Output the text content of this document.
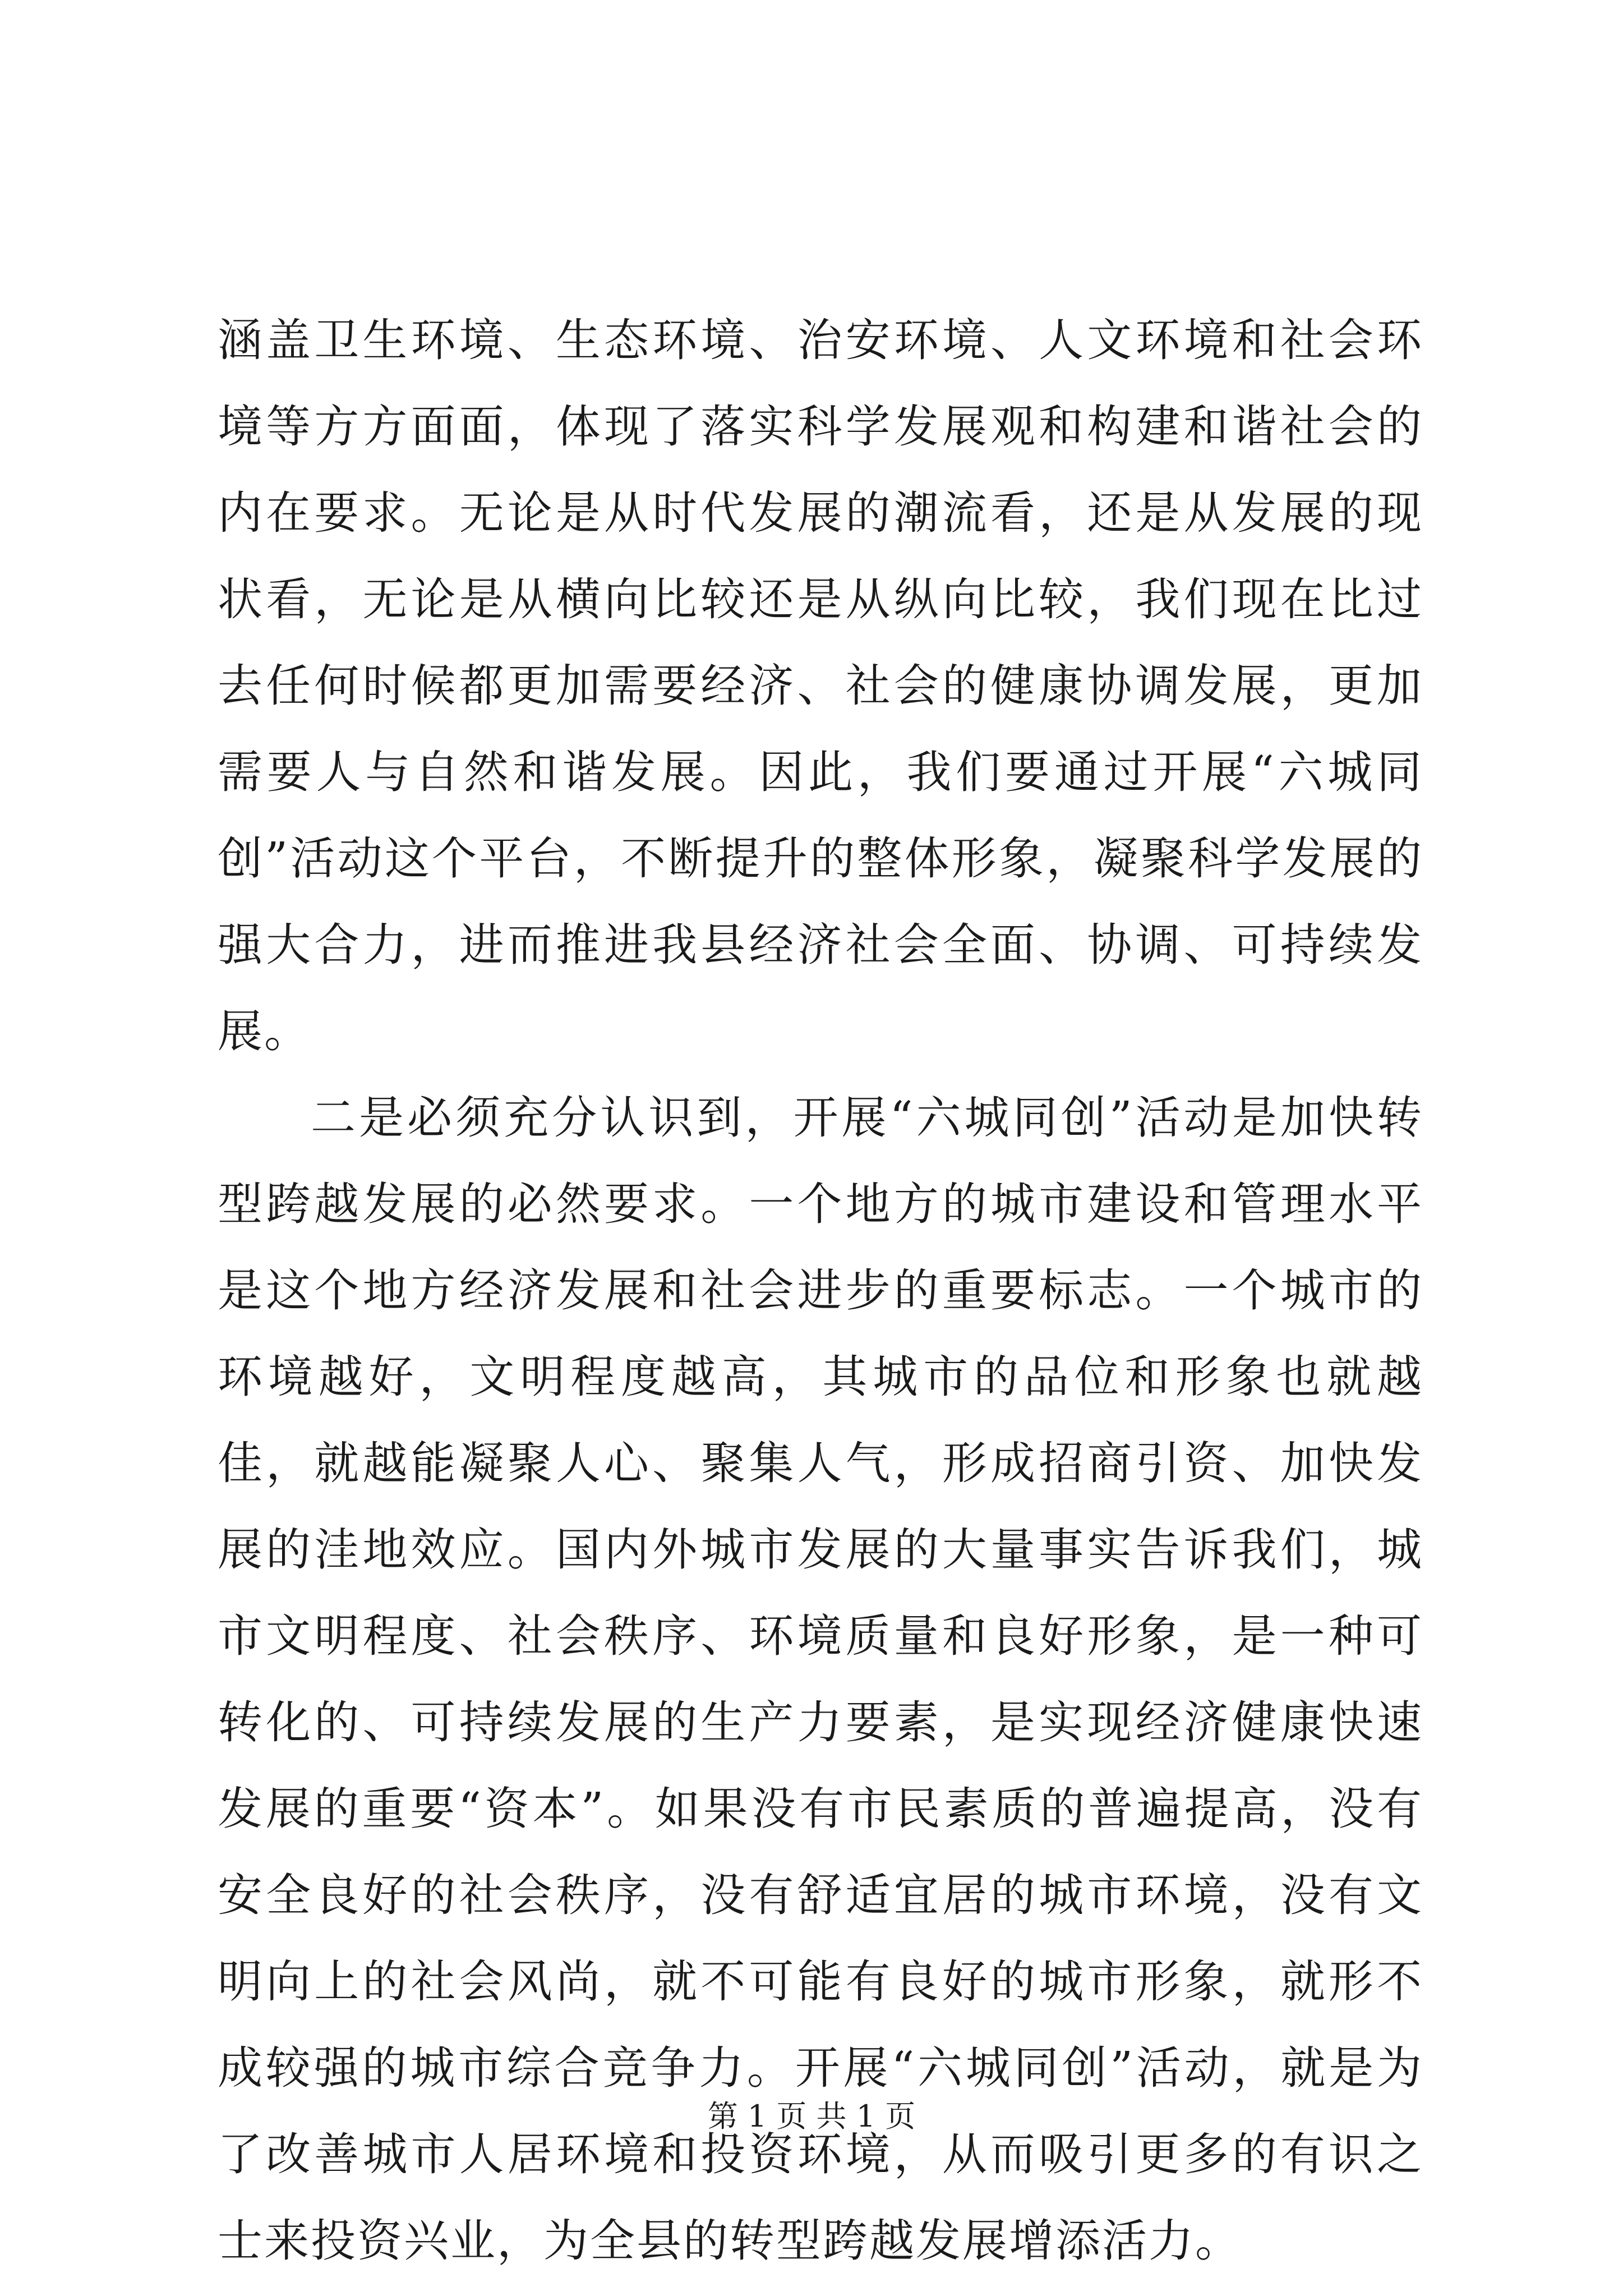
涵盖卫生环境、生态环境、治安环境、人文环境和社会环境等方方面面，体现了落实科学发展观和构建和谐社会的内在要求。无论是从时代发展的潮流看，还是从发展的现状看，无论是从横向比较还是从纵向比较，我们现在比过去任何时候都更加需要经济、社会的健康协调发展，更加需要人与自然和谐发展。因此，我们要通过开展“六城同创”活动这个平台，不断提升的整体形象，凝聚科学发展的强大合力，进而推进我县经济社会全面、协调、可持续发展。

二是必须充分认识到，开展“六城同创”活动是加快转型跨越发展的必然要求。一个地方的城市建设和管理水平是这个地方经济发展和社会进步的重要标志。一个城市的环境越好，文明程度越高，其城市的品位和形象也就越佳，就越能凝聚人心、聚集人气，形成招商引资、加快发展的洼地效应。国内外城市发展的大量事实告诉我们，城市文明程度、社会秩序、环境质量和良好形象，是一种可转化的、可持续发展的生产力要素，是实现经济健康快速发展的重要“资本”。如果没有市民素质的普遍提高，没有安全良好的社会秩序，没有舒适宜居的城市环境，没有文明向上的社会风尚，就不可能有良好的城市形象，就形不成较强的城市综合竞争力。开展“六城同创”活动，就是为了改善城市人居环境和投资环境，从而吸引更多的有识之士来投资兴业，为全县的转型跨越发展增添活力。

第 1 页 共 1 页
